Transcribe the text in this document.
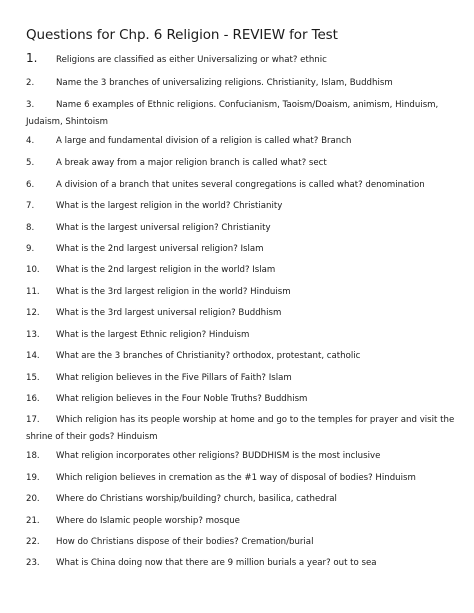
Questions for Chp. 6 Religion - REVIEW for Test
1. Religions are classified as either Universalizing or what? ethnic
2.	Name the 3 branches of universalizing religions. Christianity, Islam, Buddhism
3.	Name 6 examples of Ethnic religions. Confucianism, Taoism/Doaism, animism, Hinduism, Judaism, Shintoism
4.	A large and fundamental division of a religion is called what? Branch
5.	A break away from a major religion branch is called what? sect
6.	A division of a branch that unites several congregations is called what? denomination
7.	What is the largest religion in the world? Christianity
8.	What is the largest universal religion? Christianity
9.	What is the 2nd largest universal religion? Islam
10. What is the 2nd largest religion in the world? Islam
11. What is the 3rd largest religion in the world? Hinduism
12. What is the 3rd largest universal religion? Buddhism
13. What is the largest Ethnic religion? Hinduism
14. What are the 3 branches of Christianity? orthodox, protestant, catholic
15. What religion believes in the Five Pillars of Faith? Islam
16. What religion believes in the Four Noble Truths? Buddhism
17. Which religion has its people worship at home and go to the temples for prayer and visit the shrine of their gods? Hinduism
18. What religion incorporates other religions? BUDDHISM is the most inclusive
19. Which religion believes in cremation as the #1 way of disposal of bodies? Hinduism
20. Where do Christians worship/building? church, basilica, cathedral
21. Where do Islamic people worship? mosque
22. How do Christians dispose of their bodies? Cremation/burial
23. What is China doing now that there are 9 million burials a year? out to sea
